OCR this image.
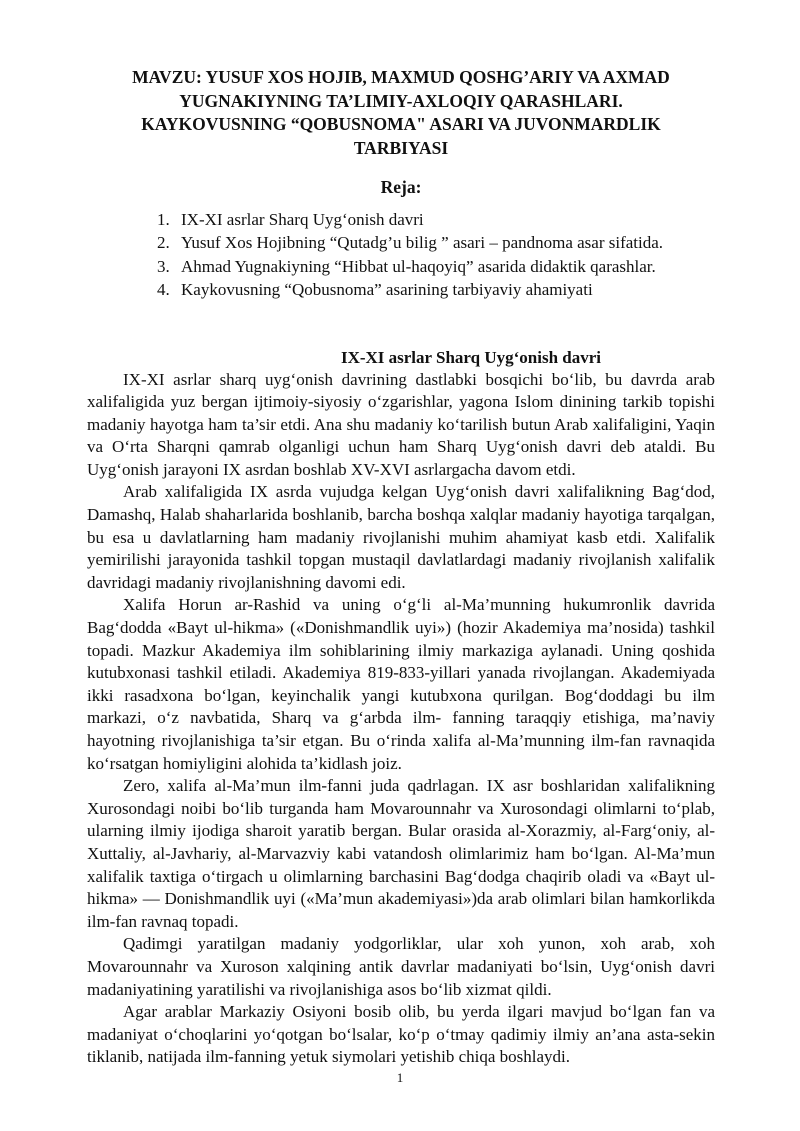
MAVZU: YUSUF XOS HOJIB, MAXMUD QOSHG’ARIY VA AXMAD
YUGNAKIYNING TA’LIMIY-AXLOQIY QARASHLARI.
KAYKOVUSNING “QOBUSNOMA" ASARI VA JUVONMARDLIK
TARBIYASI
Reja:
1. IX-XI asrlar Sharq Uyg‘onish davri
2. Yusuf Xos Hojibning “Qutadg’u bilig ” asari – pandnoma asar sifatida.
3. Ahmad Yugnakiyning “Hibbat ul-haqoyiq” asarida didaktik qarashlar.
4. Kaykovusning “Qobusnoma” asarining tarbiyaviy ahamiyati
IX-XI asrlar Sharq Uyg‘onish davri

IX-XI asrlar sharq uyg‘onish davrining dastlabki bosqichi bo‘lib, bu davrda arab xalifaligida yuz bergan ijtimoiy-siyosiy o‘zgarishlar, yagona Islom dinining tarkib topishi madaniy hayotga ham ta’sir etdi. Ana shu madaniy ko‘tarilish butun Arab xalifaligini, Yaqin va O‘rta Sharqni qamrab olganligi uchun ham Sharq Uyg‘onish davri deb ataldi. Bu Uyg‘onish jarayoni IX asrdan boshlab XV-XVI asrlargacha davom etdi.

Arab xalifaligida IX asrda vujudga kelgan Uyg‘onish davri xalifalikning Bag‘dod, Damashq, Halab shaharlarida boshlanib, barcha boshqa xalqlar madaniy hayotiga tarqalgan, bu esa u davlatlarning ham madaniy rivojlanishi muhim ahamiyat kasb etdi. Xalifalik yemirilishi jarayonida tashkil topgan mustaqil davlatlardagi madaniy rivojlanish xalifalik davridagi madaniy rivojlanishning davomi edi.

Xalifa Horun ar-Rashid va uning o‘g‘li al-Ma’munning hukumronlik davrida Bag‘dodda «Bayt ul-hikma» («Donishmandlik uyi») (hozir Akademiya ma’nosida) tashkil topadi. Mazkur Akademiya ilm sohiblarining ilmiy markaziga aylanadi. Uning qoshida kutubxonasi tashkil etiladi. Akademiya 819-833-yillari yanada rivojlangan. Akademiyada ikki rasadxona bo‘lgan, keyinchalik yangi kutubxona qurilgan. Bog‘doddagi bu ilm markazi, o‘z navbatida, Sharq va g‘arbda ilm- fanning taraqqiy etishiga, ma’naviy hayotning rivojlanishiga ta’sir etgan. Bu o‘rinda xalifa al-Ma’munning ilm-fan ravnaqida ko‘rsatgan homiyligini alohida ta’kidlash joiz.

Zero, xalifa al-Ma’mun ilm-fanni juda qadrlagan. IX asr boshlaridan xalifalikning Xurosondagi noibi bo‘lib turganda ham Movarounnahr va Xurosondagi olimlarni to‘plab, ularning ilmiy ijodiga sharoit yaratib bergan. Bular orasida al-Xorazmiy, al-Farg‘oniy, al-Xuttaliy, al-Javhariy, al-Marvazviy kabi vatandosh olimlarimiz ham bo‘lgan. Al-Ma’mun xalifalik taxtiga o‘tirgach u olimlarning barchasini Bag‘dodga chaqirib oladi va «Bayt ul-hikma» — Donishmandlik uyi («Ma’mun akademiyasi»)da arab olimlari bilan hamkorlikda ilm-fan ravnaq topadi.

Qadimgi yaratilgan madaniy yodgorliklar, ular xoh yunon, xoh arab, xoh Movarounnahr va Xuroson xalqining antik davrlar madaniyati bo‘lsin, Uyg‘onish davri madaniyatining yaratilishi va rivojlanishiga asos bo‘lib xizmat qildi.

Agar arablar Markaziy Osiyoni bosib olib, bu yerda ilgari mavjud bo‘lgan fan va madaniyat o‘choqlarini yo‘qotgan bo‘lsalar, ko‘p o‘tmay qadimiy ilmiy an’ana asta-sekin tiklanib, natijada ilm-fanning yetuk siymolari yetishib chiqa boshlaydi.

1
